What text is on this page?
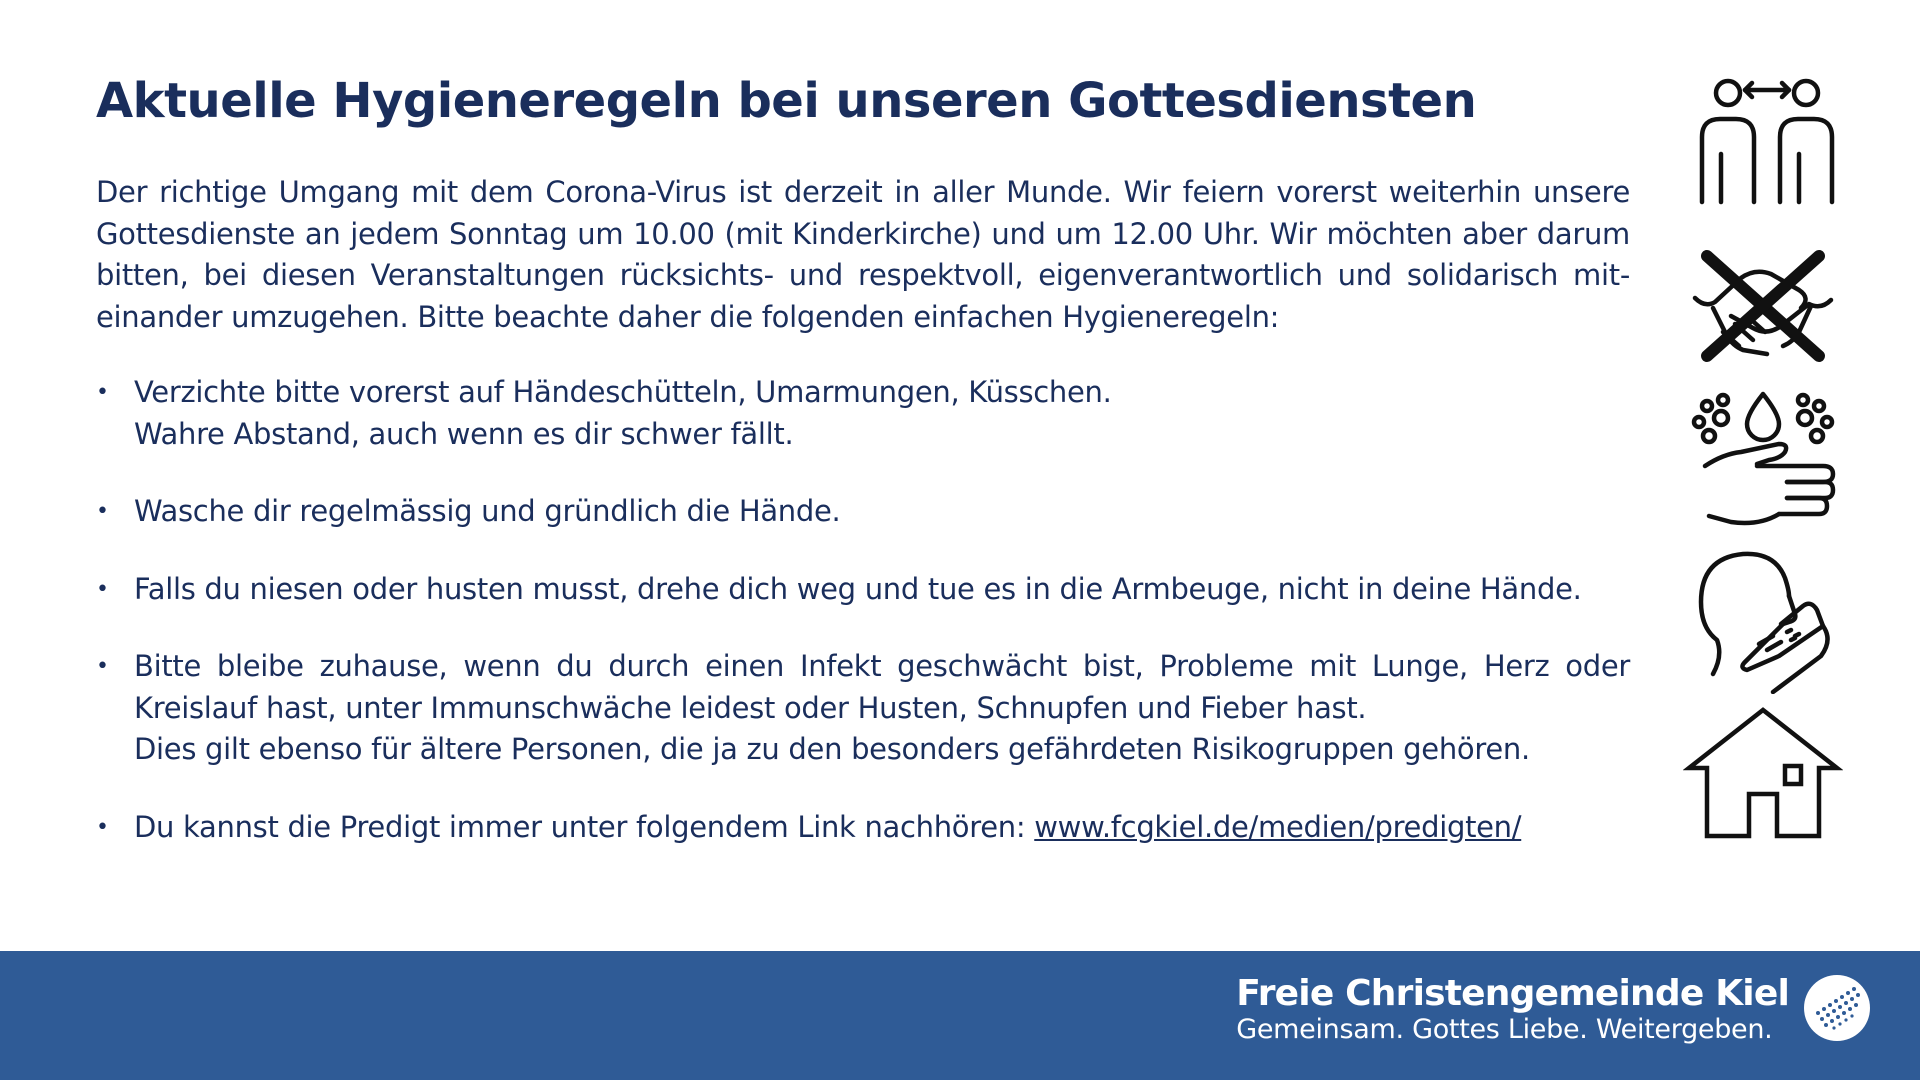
Aktuelle Hygieneregeln bei unseren Gottesdiensten

Der richtige Umgang mit dem Corona-Virus ist derzeit in aller Munde. Wir feiern vorerst weiterhin unsere Gottesdienste an jedem Sonntag um 10.00 (mit Kinderkirche) und um 12.00 Uhr. Wir möchten aber darum bitten, bei diesen Veranstaltungen rücksichts- und respektvoll, eigenverantwortlich und solidarisch mit-einander umzugehen. Bitte beachte daher die folgenden einfachen Hygieneregeln:

• Verzichte bitte vorerst auf Händeschütteln, Umarmungen, Küsschen.
Wahre Abstand, auch wenn es dir schwer fällt.
• Wasche dir regelmässig und gründlich die Hände.
• Falls du niesen oder husten musst, drehe dich weg und tue es in die Armbeuge, nicht in deine Hände.
• Bitte bleibe zuhause, wenn du durch einen Infekt geschwächt bist, Probleme mit Lunge, Herz oder Kreislauf hast, unter Immunschwäche leidest oder Husten, Schnupfen und Fieber hast.
Dies gilt ebenso für ältere Personen, die ja zu den besonders gefährdeten Risikogruppen gehören.
• Du kannst die Predigt immer unter folgendem Link nachhören: www.fcgkiel.de/medien/predigten/
Freie Christengemeinde Kiel
Gemeinsam. Gottes Liebe. Weitergeben.
